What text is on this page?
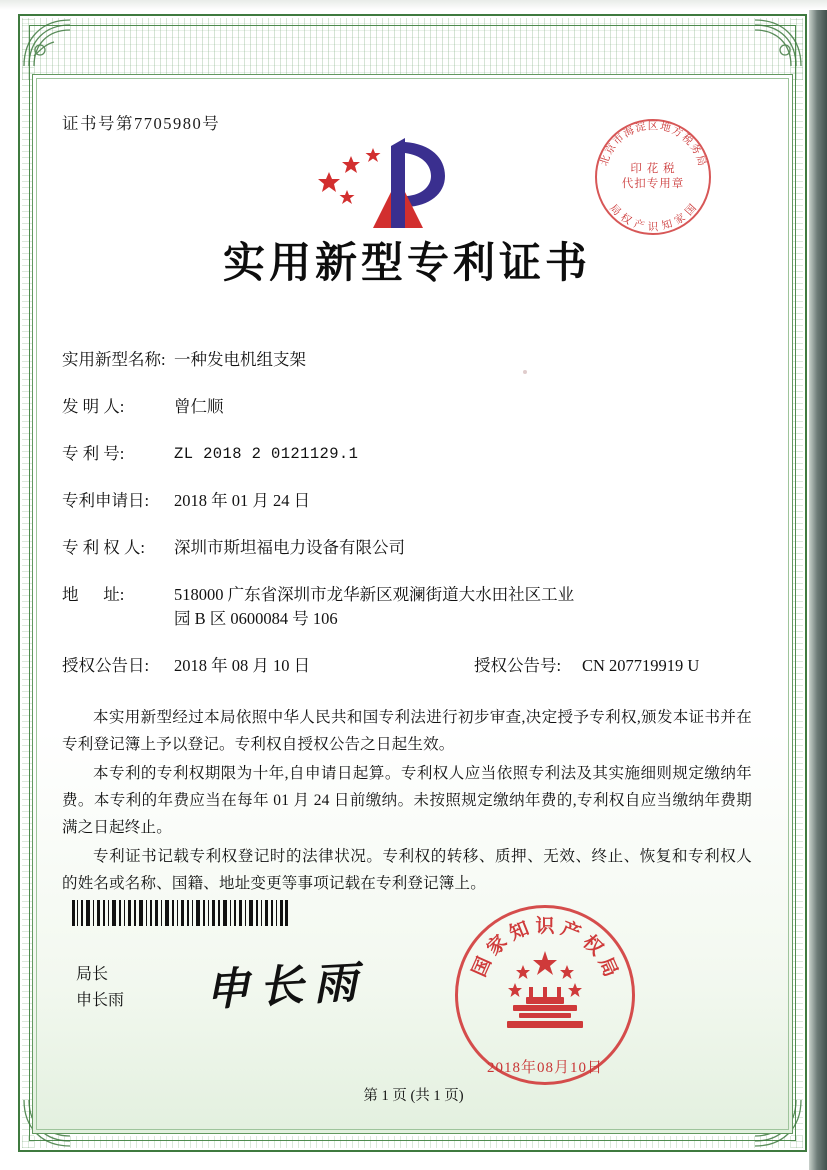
证书号第7705980号
北
京
市
海
淀 区 地
方
税
务
局
国
家
知
识
产
权
局
印 花 税
代扣专用章
实用新型专利证书
实用新型名称: 一种发电机组支架
发 明 人:	曾仁顺
专 利 号:	ZL 2018 2 0121129.1
专利申请日:	2018 年 01 月 24 日
专 利 权 人:	深圳市斯坦福电力设备有限公司
地      址:	518000 广东省深圳市龙华新区观澜街道大水田社区工业
园 B 区 0600084 号 106
授权公告日:	2018 年 08 月 10 日	授权公告号:	CN 207719919 U

本实用新型经过本局依照中华人民共和国专利法进行初步审查,决定授予专利权,颁发本证书并在专利登记簿上予以登记。专利权自授权公告之日起生效。

本专利的专利权期限为十年,自申请日起算。专利权人应当依照专利法及其实施细则规定缴纳年费。本专利的年费应当在每年 01 月 24 日前缴纳。未按照规定缴纳年费的,专利权自应当缴纳年费期满之日起终止。

专利证书记载专利权登记时的法律状况。专利权的转移、质押、无效、终止、恢复和专利权人的姓名或名称、国籍、地址变更等事项记载在专利登记簿上。

局长
申长雨 申长雨	国
家
知 识 产
权
局
2018年08月10日
第 1 页 (共 1 页)
